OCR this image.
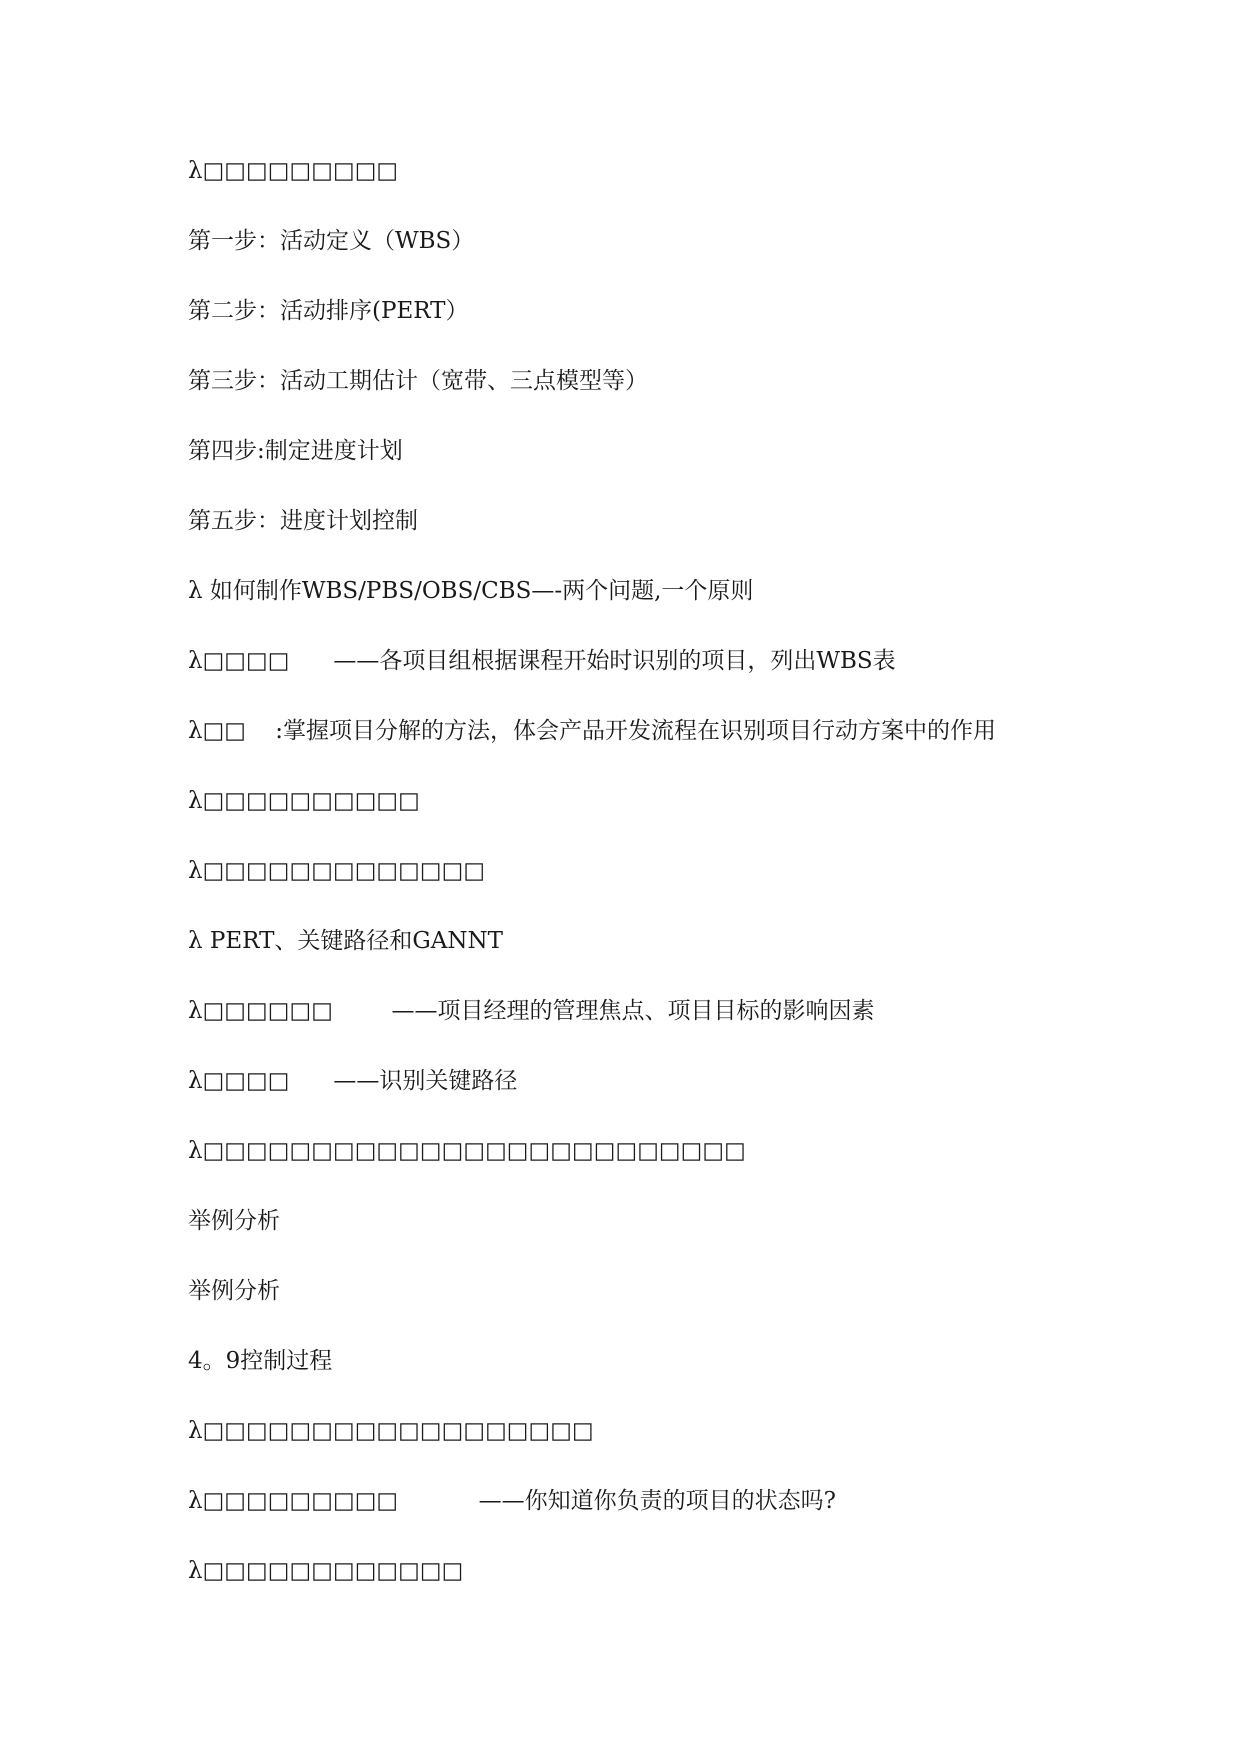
λ□□□□□□□□□
第一步：活动定义（WBS）
第二步：活动排序(PERT）
第三步：活动工期估计（宽带、三点模型等）
第四步:制定进度计划
第五步：进度计划控制
λ 如何制作WBS/PBS/OBS/CBS—-两个问题,一个原则
λ□□□□      ——各项目组根据课程开始时识别的项目，列出WBS表
λ□□    :掌握项目分解的方法，体会产品开发流程在识别项目行动方案中的作用
λ□□□□□□□□□□
λ□□□□□□□□□□□□□
λ PERT、关键路径和GANNT
λ□□□□□□        ——项目经理的管理焦点、项目目标的影响因素
λ□□□□      ——识别关键路径
λ□□□□□□□□□□□□□□□□□□□□□□□□□
举例分析
举例分析
4。9控制过程
λ□□□□□□□□□□□□□□□□□□
λ□□□□□□□□□           ——你知道你负责的项目的状态吗?
λ□□□□□□□□□□□□
